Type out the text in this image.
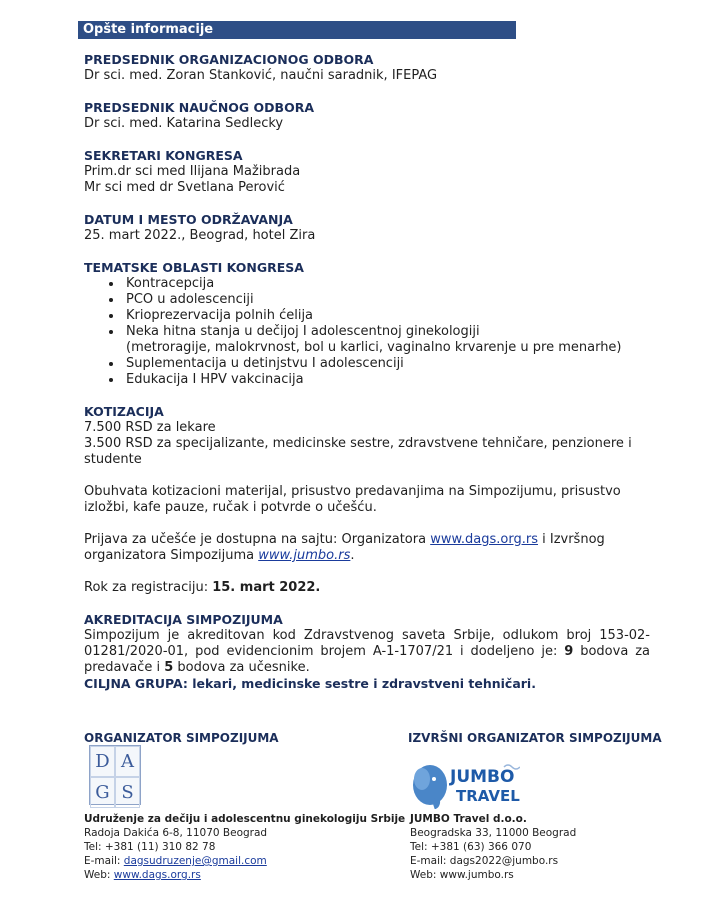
Opšte informacije
PREDSEDNIK ORGANIZACIONOG ODBORA

Dr sci. med. Zoran Stanković, naučni saradnik, IFEPAG

PREDSEDNIK NAUČNOG ODBORA

Dr sci. med. Katarina Sedlecky

SEKRETARI KONGRESA

Prim.dr sci med Ilijana Mažibrada

Mr sci med dr Svetlana Perović

DATUM I MESTO ODRŽAVANJA

25. mart 2022., Beograd, hotel Zira

TEMATSKE OBLASTI KONGRESA
Kontracepcija
PCO u adolescenciji
Krioprezervacija polnih ćelija
Neka hitna stanja u dečijoj I adolescentnoj ginekologiji
(metroragije, malokrvnost, bol u karlici, vaginalno krvarenje u pre menarhe)
Suplementacija u detinjstvu I adolescenciji
Edukacija I HPV vakcinacija
KOTIZACIJA

7.500 RSD za lekare

3.500 RSD za specijalizante, medicinske sestre, zdravstvene tehničare, penzionere i studente

Obuhvata kotizacioni materijal, prisustvo predavanjima na Simpozijumu, prisustvo izložbi, kafe pauze, ručak i potvrde o učešću.

Prijava za učešće je dostupna na sajtu: Organizatora www.dags.org.rs i Izvršnog organizatora Simpozijuma www.jumbo.rs.

Rok za registraciju: 15. mart 2022.

AKREDITACIJA SIMPOZIJUMA

Simpozijum je akreditovan kod Zdravstvenog saveta Srbije, odlukom broj 153-02-01281/2020-01, pod evidencionim brojem A-1-1707/21 i dodeljeno je: 9 bodova za predavače i 5 bodova za učesnike.

CILJNA GRUPA: lekari, medicinske sestre i zdravstveni tehničari.

ORGANIZATOR SIMPOZIJUMA	IZVRŠNI ORGANIZATOR SIMPOZIJUMA
D A
G S
JUMBO
TRAVEL
Udruženje za dečiju i adolescentnu ginekologiju Srbije
Radoja Dakića 6-8, 11070 Beograd
Tel: +381 (11) 310 82 78
E-mail: dagsudruzenje@gmail.com
Web: www.dags.org.rs
JUMBO Travel d.o.o.
Beogradska 33, 11000 Beograd
Tel: +381 (63) 366 070
E-mail: dags2022@jumbo.rs
Web: www.jumbo.rs
